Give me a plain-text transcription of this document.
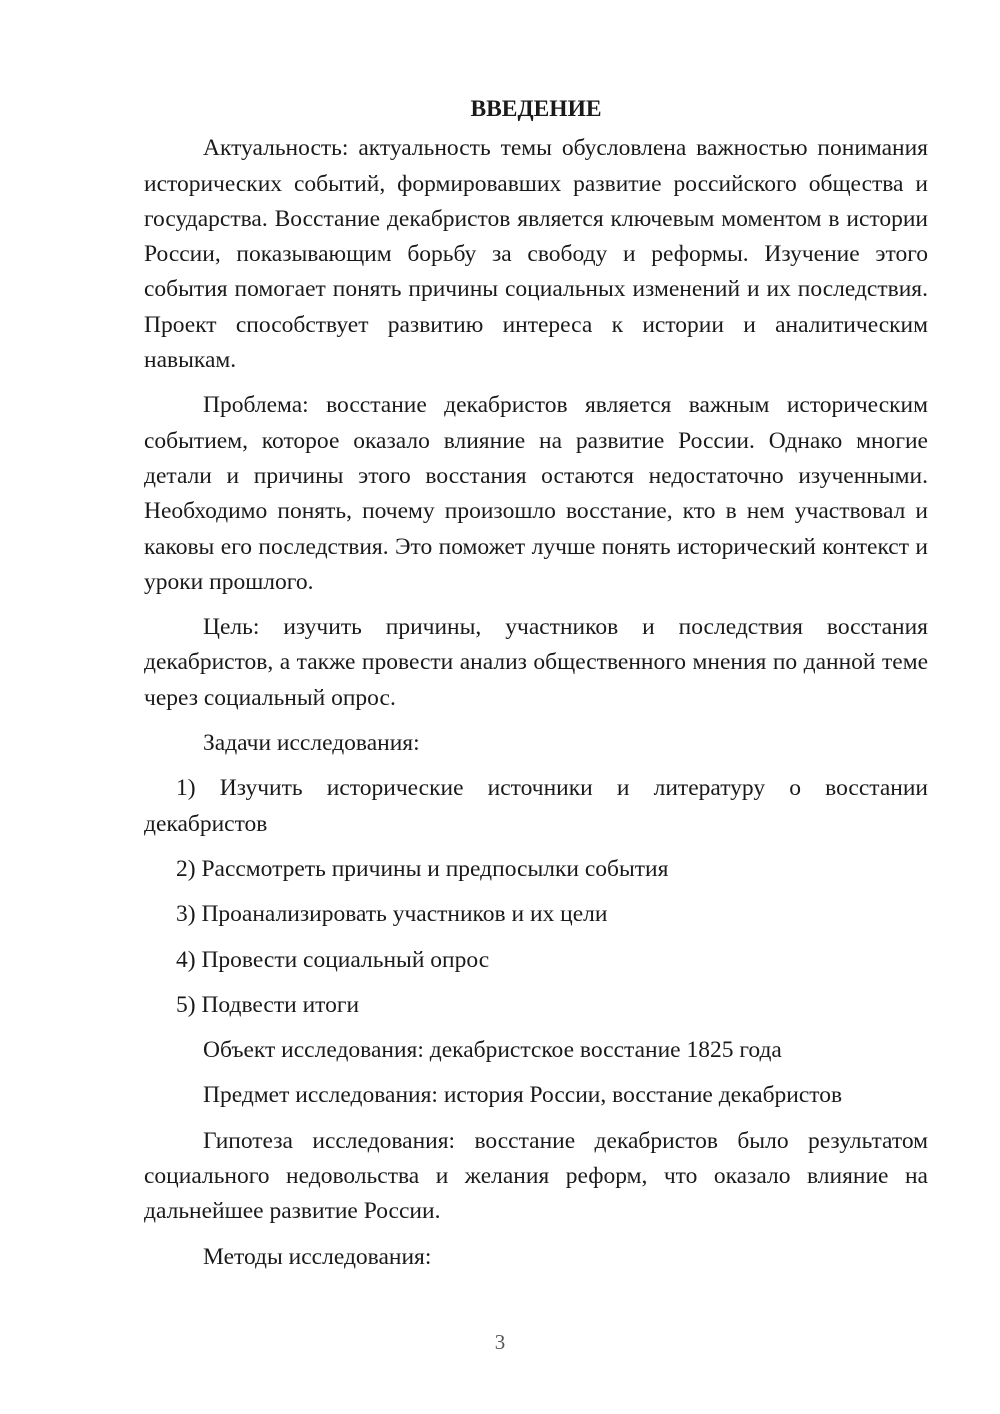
ВВЕДЕНИЕ

Актуальность: актуальность темы обусловлена важностью понимания исторических событий, формировавших развитие российского общества и государства. Восстание декабристов является ключевым моментом в истории России, показывающим борьбу за свободу и реформы. Изучение этого события помогает понять причины социальных изменений и их последствия. Проект способствует развитию интереса к истории и аналитическим навыкам.

Проблема: восстание декабристов является важным историческим событием, которое оказало влияние на развитие России. Однако многие детали и причины этого восстания остаются недостаточно изученными. Необходимо понять, почему произошло восстание, кто в нем участвовал и каковы его последствия. Это поможет лучше понять исторический контекст и уроки прошлого.

Цель: изучить причины, участников и последствия восстания декабристов, а также провести анализ общественного мнения по данной теме через социальный опрос.

Задачи исследования:

1) Изучить исторические источники и литературу о восстании декабристов

2) Рассмотреть причины и предпосылки события

3) Проанализировать участников и их цели

4) Провести социальный опрос

5) Подвести итоги

Объект исследования: декабристское восстание 1825 года

Предмет исследования: история России, восстание декабристов

Гипотеза исследования: восстание декабристов было результатом социального недовольства и желания реформ, что оказало влияние на дальнейшее развитие России.

Методы исследования:

3
